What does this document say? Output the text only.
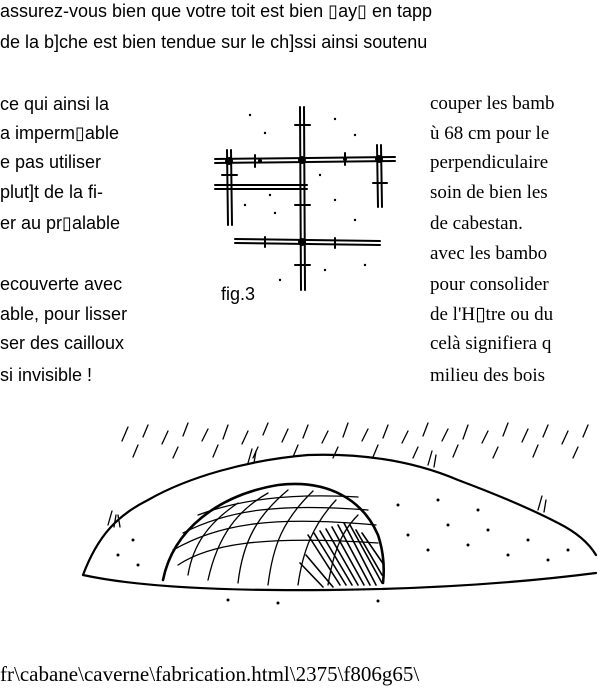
assurez-vous bien que votre toit est bien ▯ay▯ en tapp
de la b]che est bien tendue sur le ch]ssi ainsi soutenu
ce qui ainsi la
a imperm▯able
e pas utiliser
plut]t de la fi-
er au pr▯alable
ecouverte avec
able, pour lisser
ser des cailloux
si invisible !
couper les bamb
ù 68 cm pour le
perpendiculaire
soin de bien les
de cabestan.
avec les bambo
pour consolider
de l'H▯tre ou du
celà signifiera q
milieu des bois
fig.3
fr\cabane\caverne\fabrication.html\2375\f806g65\
